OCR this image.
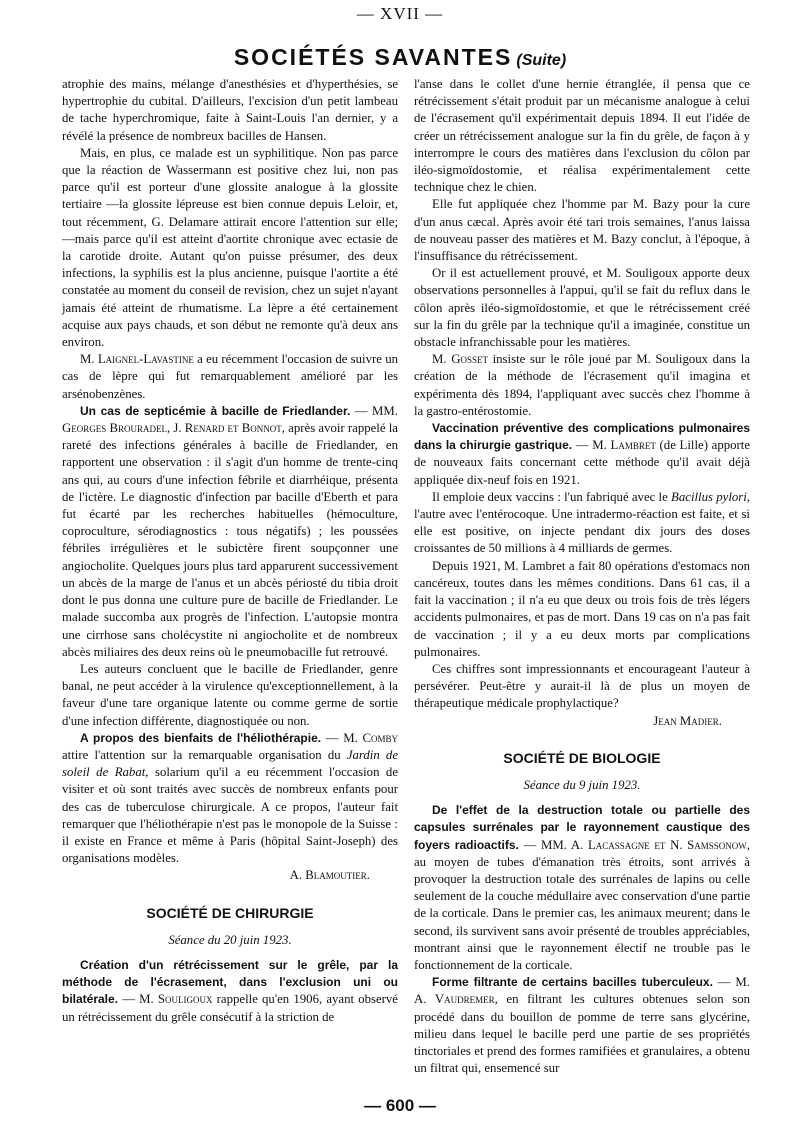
— XVII —
SOCIÉTÉS SAVANTES (Suite)

atrophie des mains, mélange d'anesthésies et d'hyperthésies, se hypertrophie du cubital. D'ailleurs, l'excision d'un petit lambeau de tache hyperchromique, faite à Saint-Louis l'an dernier, y a révélé la présence de nombreux bacilles de Hansen.

Mais, en plus, ce malade est un syphilitique. Non pas parce que la réaction de Wassermann est positive chez lui, non pas parce qu'il est porteur d'une glossite analogue à la glossite tertiaire —la glossite lépreuse est bien connue depuis Leloir, et, tout récemment, G. Delamare attirait encore l'attention sur elle; —mais parce qu'il est atteint d'aortite chronique avec ectasie de la carotide droite. Autant qu'on puisse présumer, des deux infections, la syphilis est la plus ancienne, puisque l'aortite a été constatée au moment du conseil de revision, chez un sujet n'ayant jamais été atteint de rhumatisme. La lèpre a été certainement acquise aux pays chauds, et son début ne remonte qu'à deux ans environ.

M. Laignel-Lavastine a eu récemment l'occasion de suivre un cas de lèpre qui fut remarquablement amélioré par les arsénobenzènes.

Un cas de septicémie à bacille de Friedlander. — MM. Georges Brouradel, J. Renard et Bonnot, après avoir rappelé la rareté des infections générales à bacille de Friedlander, en rapportent une observation : il s'agit d'un homme de trente-cinq ans qui, au cours d'une infection fébrile et diarrhéique, présenta de l'ictère. Le diagnostic d'infection par bacille d'Eberth et para fut écarté par les recherches habituelles (hémoculture, coproculture, sérodiagnostics : tous négatifs) ; les poussées fébriles irrégulières et le subictère firent soupçonner une angiocholite. Quelques jours plus tard apparurent successivement un abcès de la marge de l'anus et un abcès périosté du tibia droit dont le pus donna une culture pure de bacille de Friedlander. Le malade succomba aux progrès de l'infection. L'autopsie montra une cirrhose sans cholécystite ni angiocholite et de nombreux abcès miliaires des deux reins où le pneumobacille fut retrouvé.

Les auteurs concluent que le bacille de Friedlander, genre banal, ne peut accéder à la virulence qu'exceptionnellement, à la faveur d'une tare organique latente ou comme germe de sortie d'une infection différente, diagnostiquée ou non.

A propos des bienfaits de l'héliothérapie. — M. Comby attire l'attention sur la remarquable organisation du Jardin de soleil de Rabat, solarium qu'il a eu récemment l'occasion de visiter et où sont traités avec succès de nombreux enfants pour des cas de tuberculose chirurgicale. A ce propos, l'auteur fait remarquer que l'héliothérapie n'est pas le monopole de la Suisse : il existe en France et même à Paris (hôpital Saint-Joseph) des organisations modèles.

A. Blamoutier.

SOCIÉTÉ DE CHIRURGIE
Séance du 20 juin 1923.

Création d'un rétrécissement sur le grêle, par la méthode de l'écrasement, dans l'exclusion uni ou bilatérale. — M. Souligoux rappelle qu'en 1906, ayant observé un rétrécissement du grêle consécutif à la striction de

l'anse dans le collet d'une hernie étranglée, il pensa que ce rétrécissement s'était produit par un mécanisme analogue à celui de l'écrasement qu'il expérimentait depuis 1894. Il eut l'idée de créer un rétrécissement analogue sur la fin du grêle, de façon à y interrompre le cours des matières dans l'exclusion du côlon par iléo-sigmoïdostomie, et réalisa expérimentalement cette technique chez le chien.

Elle fut appliquée chez l'homme par M. Bazy pour la cure d'un anus cæcal. Après avoir été tari trois semaines, l'anus laissa de nouveau passer des matières et M. Bazy conclut, à l'époque, à l'insuffisance du rétrécissement.

Or il est actuellement prouvé, et M. Souligoux apporte deux observations personnelles à l'appui, qu'il se fait du reflux dans le côlon après iléo-sigmoïdostomie, et que le rétrécissement créé sur la fin du grêle par la technique qu'il a imaginée, constitue un obstacle infranchissable pour les matières.

M. Gosset insiste sur le rôle joué par M. Souligoux dans la création de la méthode de l'écrasement qu'il imagina et expérimenta dès 1894, l'appliquant avec succès chez l'homme à la gastro-entérostomie.

Vaccination préventive des complications pulmonaires dans la chirurgie gastrique. — M. Lambret (de Lille) apporte de nouveaux faits concernant cette méthode qu'il avait déjà appliquée dix-neuf fois en 1921.

Il emploie deux vaccins : l'un fabriqué avec le Bacillus pylori, l'autre avec l'entérocoque. Une intradermo-réaction est faite, et si elle est positive, on injecte pendant dix jours des doses croissantes de 50 millions à 4 milliards de germes.

Depuis 1921, M. Lambret a fait 80 opérations d'estomacs non cancéreux, toutes dans les mêmes conditions. Dans 61 cas, il a fait la vaccination ; il n'a eu que deux ou trois fois de très légers accidents pulmonaires, et pas de mort. Dans 19 cas on n'a pas fait de vaccination ; il y a eu deux morts par complications pulmonaires.

Ces chiffres sont impressionnants et encourageant l'auteur à persévérer. Peut-être y aurait-il là de plus un moyen de thérapeutique médicale prophylactique?

Jean Madier.

SOCIÉTÉ DE BIOLOGIE
Séance du 9 juin 1923.

De l'effet de la destruction totale ou partielle des capsules surrénales par le rayonnement caustique des foyers radioactifs. — MM. A. Lacassagne et N. Samssonow, au moyen de tubes d'émanation très étroits, sont arrivés à provoquer la destruction totale des surrénales de lapins ou celle seulement de la couche médullaire avec conservation d'une partie de la corticale. Dans le premier cas, les animaux meurent; dans le second, ils survivent sans avoir présenté de troubles appréciables, montrant ainsi que le rayonnement électif ne trouble pas le fonctionnement de la corticale.

Forme filtrante de certains bacilles tuberculeux. — M. A. Vaudremer, en filtrant les cultures obtenues selon son procédé dans du bouillon de pomme de terre sans glycérine, milieu dans lequel le bacille perd une partie de ses propriétés tinctoriales et prend des formes ramifiées et granulaires, a obtenu un filtrat qui, ensemencé sur

— 600 —
